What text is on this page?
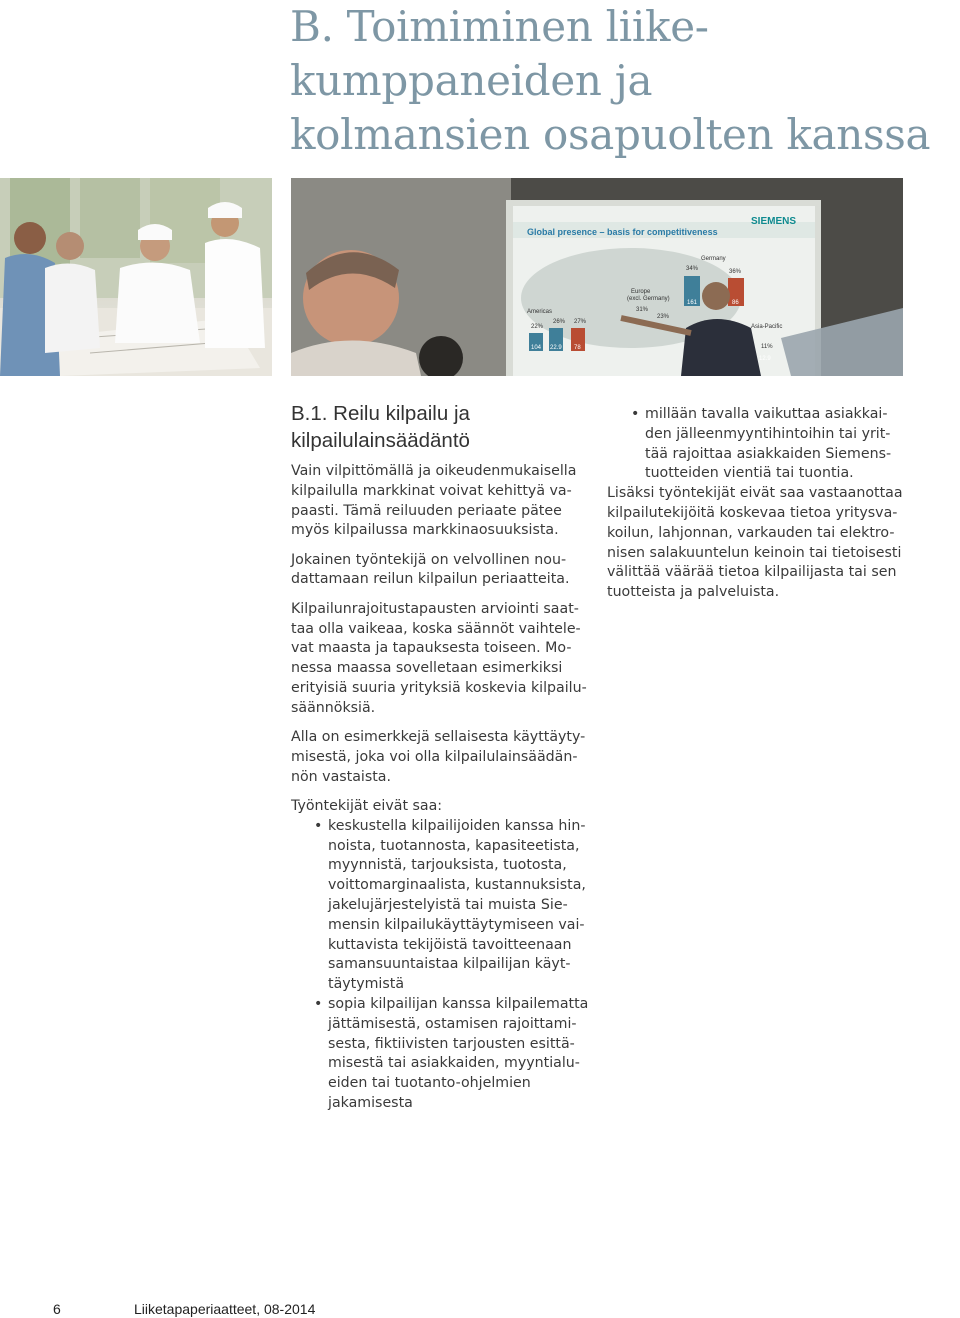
B. Toimiminen liike-
kumppaneiden ja
kolmansien osapuolten kanssa
Global presence – basis for competitiveness
SIEMENS
Americas
Europe
(excl. Germany)
Germany
Asia-Pacific
22%
26% 27%
31%
23%
34%	36%
11%
104 22.9 78
161	86
12.9
B.1. Reilu kilpailu ja
kilpailulainsäädäntö

Vain vilpittömällä ja oikeudenmukaisella
kilpailulla markkinat voivat kehittyä va-
paasti. Tämä reiluuden periaate pätee
myös kilpailussa markkinaosuuksista.

Jokainen työntekijä on velvollinen nou-
dattamaan reilun kilpailun periaatteita.

Kilpailunrajoitustapausten arviointi saat-
taa olla vaikeaa, koska säännöt vaihtele-
vat maasta ja tapauksesta toiseen. Mo-
nessa maassa sovelletaan esimerkiksi
erityisiä suuria yrityksiä koskevia kilpailu-
säännöksiä.

Alla on esimerkkejä sellaisesta käyttäyty-
misestä, joka voi olla kilpailulainsäädän-
nön vastaista.

Työntekijät eivät saa:

• keskustella kilpailijoiden kanssa hin-
noista, tuotannosta, kapasiteetista,
myynnistä, tarjouksista, tuotosta,
voittomarginaalista, kustannuksista,
jakelujärjestelyistä tai muista Sie-
mensin kilpailukäyttäytymiseen vai-
kuttavista tekijöistä tavoitteenaan
samansuuntaistaa kilpailijan käyt-
täytymistä
• sopia kilpailijan kanssa kilpailematta
jättämisestä, ostamisen rajoittami-
sesta, fiktiivisten tarjousten esittä-
misestä tai asiakkaiden, myyntialu-
eiden tai tuotanto-ohjelmien
jakamisesta
• millään tavalla vaikuttaa asiakkai-
den jälleenmyyntihintoihin tai yrit-
tää rajoittaa asiakkaiden Siemens-
tuotteiden vientiä tai tuontia.

Lisäksi työntekijät eivät saa vastaanottaa
kilpailutekijöitä koskevaa tietoa yritysva-
koilun, lahjonnan, varkauden tai elektro-
nisen salakuuntelun keinoin tai tietoisesti
välittää väärää tietoa kilpailijasta tai sen
tuotteista ja palveluista.

6	Liiketapaperiaatteet, 08-2014
